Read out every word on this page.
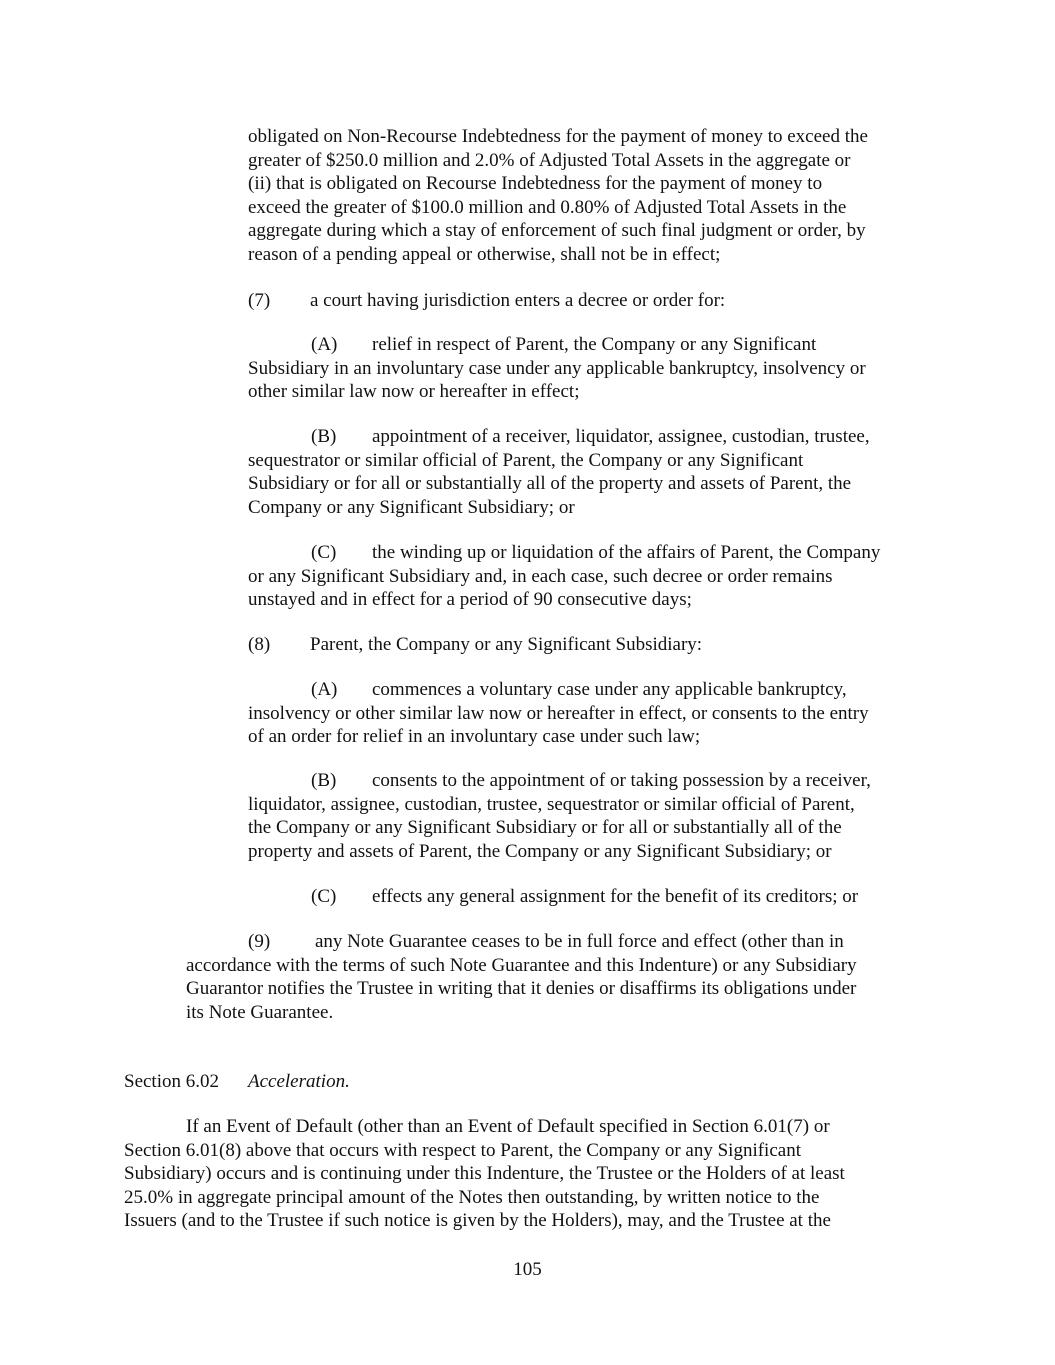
obligated on Non-Recourse Indebtedness for the payment of money to exceed the
greater of $250.0 million and 2.0% of Adjusted Total Assets in the aggregate or
(ii) that is obligated on Recourse Indebtedness for the payment of money to
exceed the greater of $100.0 million and 0.80% of Adjusted Total Assets in the
aggregate during which a stay of enforcement of such final judgment or order, by
reason of a pending appeal or otherwise, shall not be in effect;
(7) a court having jurisdiction enters a decree or order for:
(A) relief in respect of Parent, the Company or any Significant
Subsidiary in an involuntary case under any applicable bankruptcy, insolvency or
other similar law now or hereafter in effect;
(B) appointment of a receiver, liquidator, assignee, custodian, trustee,
sequestrator or similar official of Parent, the Company or any Significant
Subsidiary or for all or substantially all of the property and assets of Parent, the
Company or any Significant Subsidiary; or
(C) the winding up or liquidation of the affairs of Parent, the Company
or any Significant Subsidiary and, in each case, such decree or order remains
unstayed and in effect for a period of 90 consecutive days;
(8) Parent, the Company or any Significant Subsidiary:
(A) commences a voluntary case under any applicable bankruptcy,
insolvency or other similar law now or hereafter in effect, or consents to the entry
of an order for relief in an involuntary case under such law;
(B) consents to the appointment of or taking possession by a receiver,
liquidator, assignee, custodian, trustee, sequestrator or similar official of Parent,
the Company or any Significant Subsidiary or for all or substantially all of the
property and assets of Parent, the Company or any Significant Subsidiary; or
(C) effects any general assignment for the benefit of its creditors; or
(9) any Note Guarantee ceases to be in full force and effect (other than in
accordance with the terms of such Note Guarantee and this Indenture) or any Subsidiary
Guarantor notifies the Trustee in writing that it denies or disaffirms its obligations under
its Note Guarantee.
Section 6.02 Acceleration.
If an Event of Default (other than an Event of Default specified in Section 6.01(7) or
Section 6.01(8) above that occurs with respect to Parent, the Company or any Significant
Subsidiary) occurs and is continuing under this Indenture, the Trustee or the Holders of at least
25.0% in aggregate principal amount of the Notes then outstanding, by written notice to the
Issuers (and to the Trustee if such notice is given by the Holders), may, and the Trustee at the
105
